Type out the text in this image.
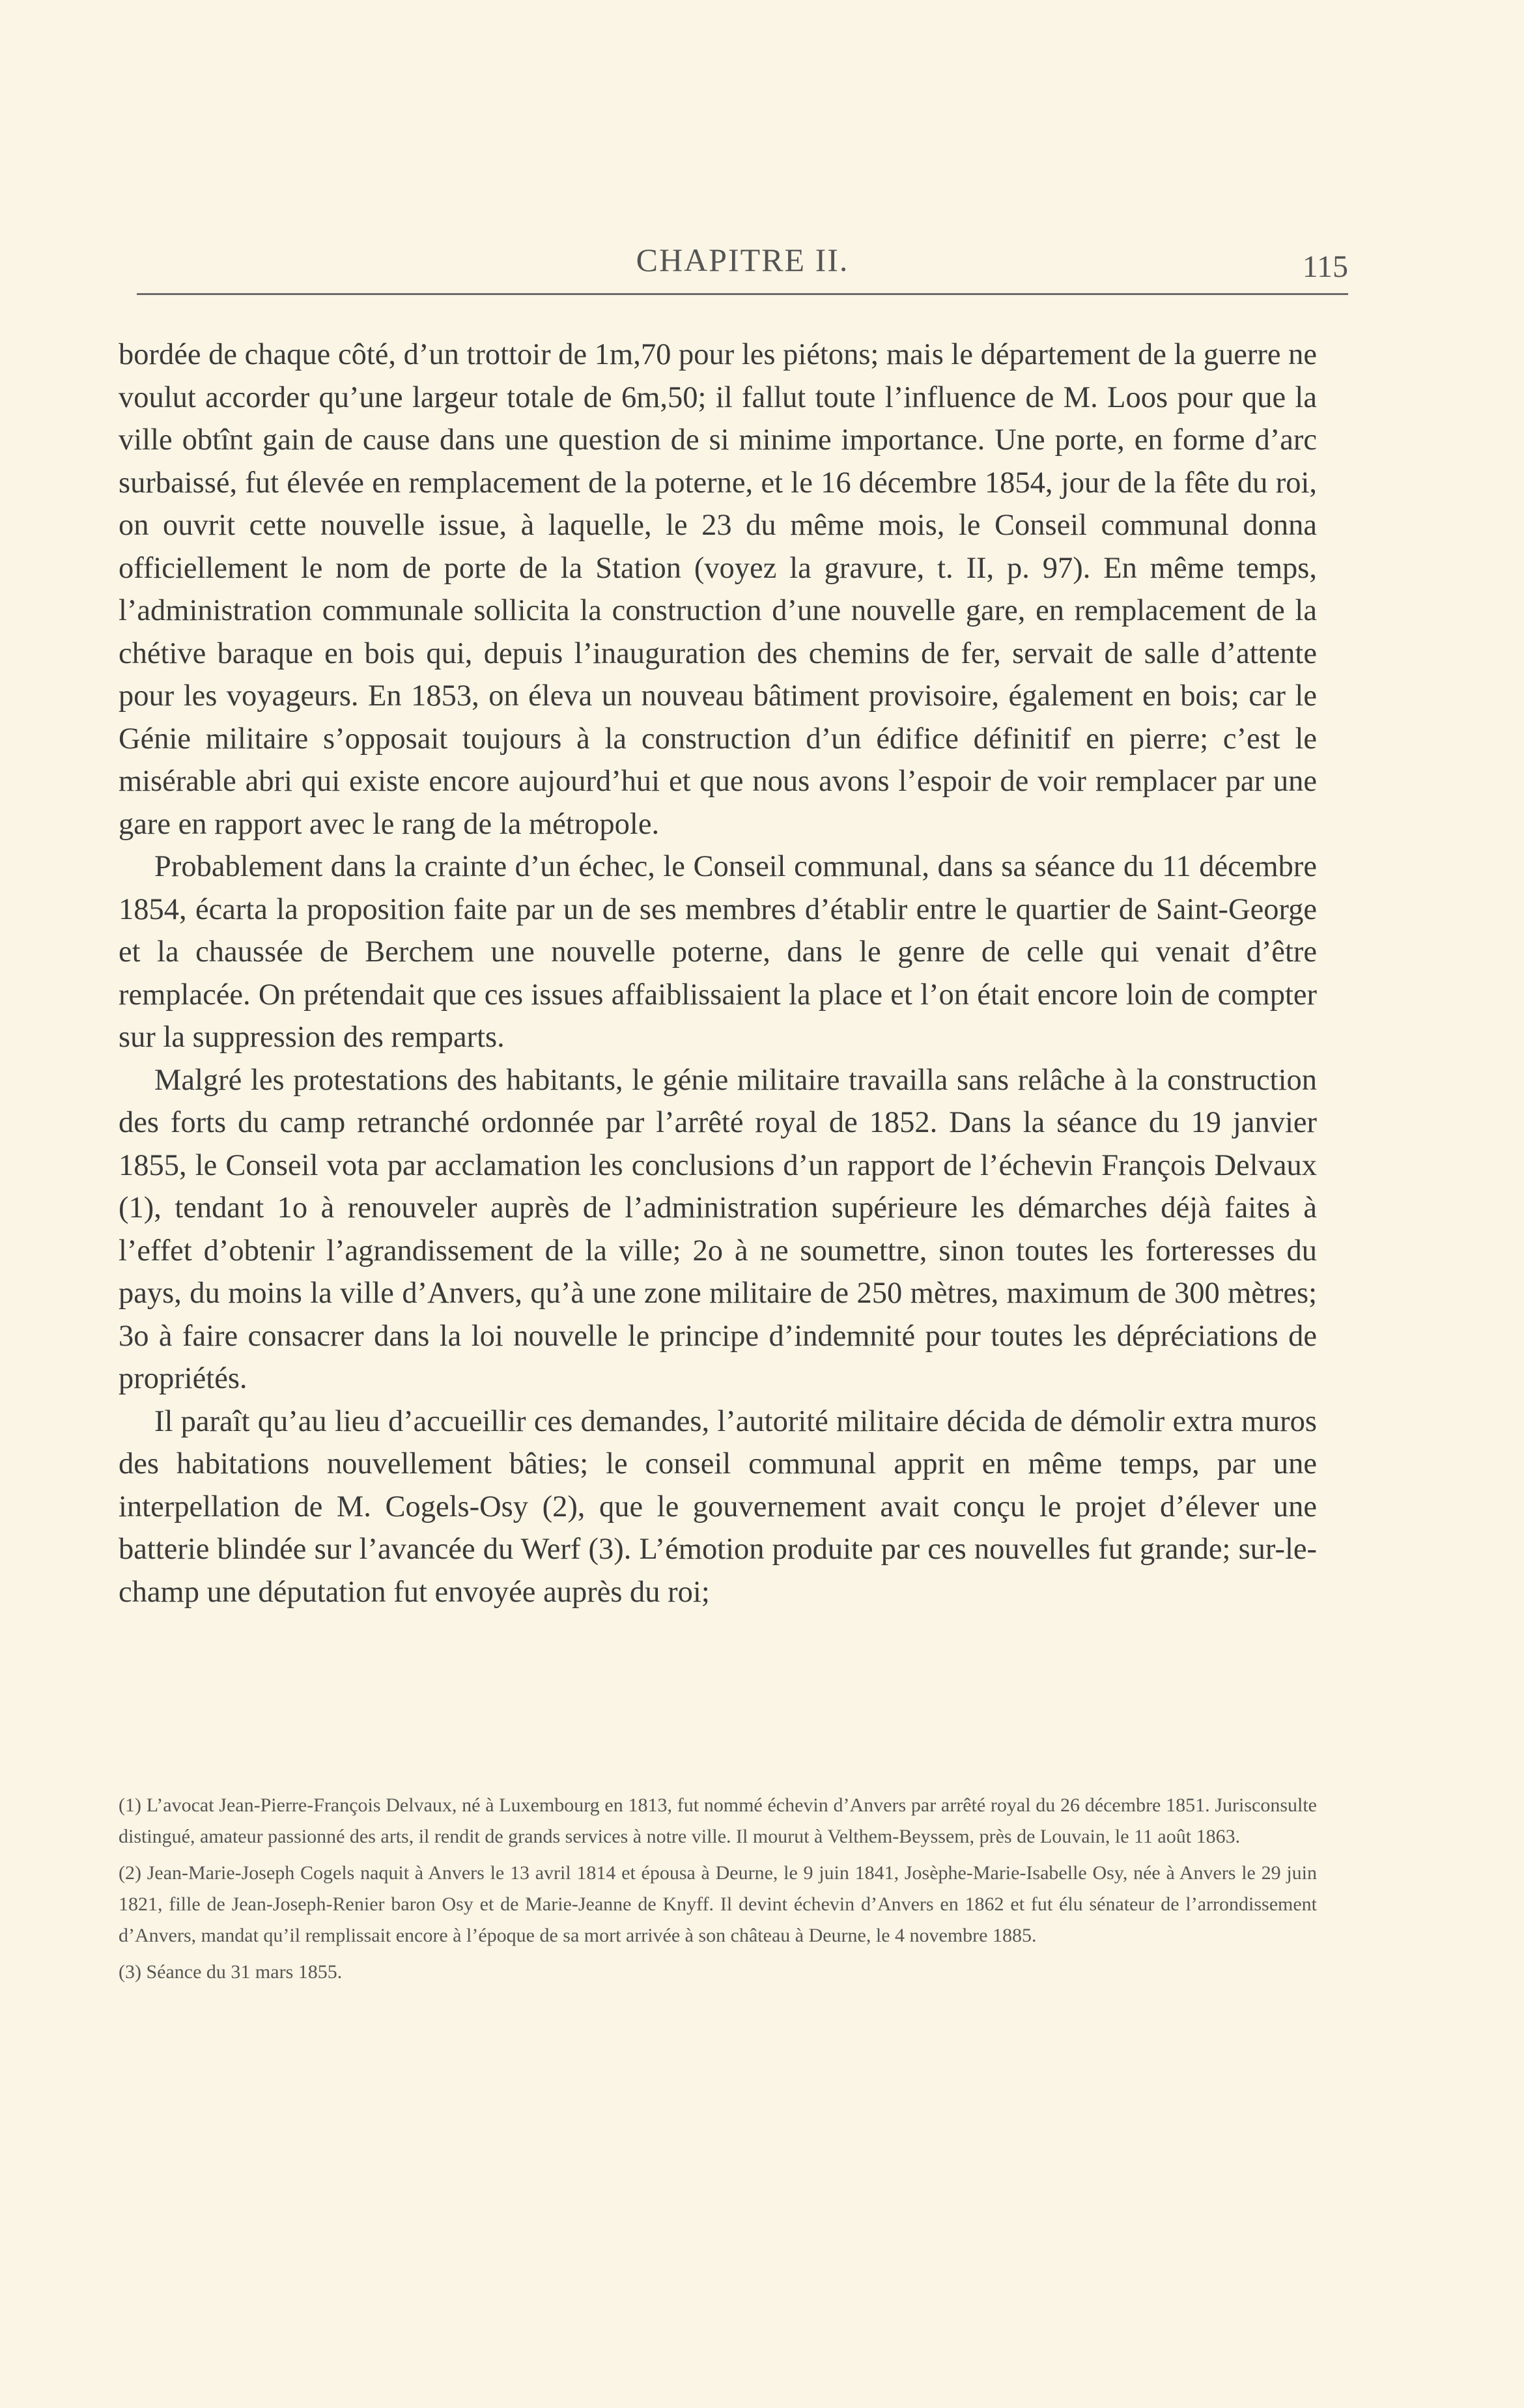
CHAPITRE II.	115

bordée de chaque côté, d’un trottoir de 1m,70 pour les piétons; mais le département de la guerre ne voulut accorder qu’une largeur totale de 6m,50; il fallut toute l’influence de M. Loos pour que la ville obtînt gain de cause dans une question de si minime importance. Une porte, en forme d’arc surbaissé, fut élevée en remplacement de la poterne, et le 16 décembre 1854, jour de la fête du roi, on ouvrit cette nouvelle issue, à laquelle, le 23 du même mois, le Conseil communal donna officiellement le nom de porte de la Station (voyez la gravure, t. II, p. 97). En même temps, l’administration communale sollicita la construction d’une nouvelle gare, en remplacement de la chétive baraque en bois qui, depuis l’inauguration des chemins de fer, servait de salle d’attente pour les voyageurs. En 1853, on éleva un nouveau bâtiment provisoire, également en bois; car le Génie militaire s’opposait toujours à la construction d’un édifice définitif en pierre; c’est le misérable abri qui existe encore aujourd’hui et que nous avons l’espoir de voir remplacer par une gare en rapport avec le rang de la métropole.

Probablement dans la crainte d’un échec, le Conseil communal, dans sa séance du 11 décembre 1854, écarta la proposition faite par un de ses membres d’établir entre le quartier de Saint-George et la chaussée de Berchem une nouvelle poterne, dans le genre de celle qui venait d’être remplacée. On prétendait que ces issues affaiblissaient la place et l’on était encore loin de compter sur la suppression des remparts.

Malgré les protestations des habitants, le génie militaire travailla sans relâche à la construction des forts du camp retranché ordonnée par l’arrêté royal de 1852. Dans la séance du 19 janvier 1855, le Conseil vota par acclamation les conclusions d’un rapport de l’échevin François Delvaux (1), tendant 1o à renouveler auprès de l’administration supérieure les démarches déjà faites à l’effet d’obtenir l’agrandissement de la ville; 2o à ne soumettre, sinon toutes les forteresses du pays, du moins la ville d’Anvers, qu’à une zone militaire de 250 mètres, maximum de 300 mètres; 3o à faire consacrer dans la loi nouvelle le principe d’indemnité pour toutes les dépréciations de propriétés.

Il paraît qu’au lieu d’accueillir ces demandes, l’autorité militaire décida de démolir extra muros des habitations nouvellement bâties; le conseil communal apprit en même temps, par une interpellation de M. Cogels-Osy (2), que le gouvernement avait conçu le projet d’élever une batterie blindée sur l’avancée du Werf (3). L’émotion produite par ces nouvelles fut grande; sur-le-champ une députation fut envoyée auprès du roi;

(1) L’avocat Jean-Pierre-François Delvaux, né à Luxembourg en 1813, fut nommé échevin d’Anvers par arrêté royal du 26 décembre 1851. Jurisconsulte distingué, amateur passionné des arts, il rendit de grands services à notre ville. Il mourut à Velthem-Beyssem, près de Louvain, le 11 août 1863.

(2) Jean-Marie-Joseph Cogels naquit à Anvers le 13 avril 1814 et épousa à Deurne, le 9 juin 1841, Josèphe-Marie-Isabelle Osy, née à Anvers le 29 juin 1821, fille de Jean-Joseph-Renier baron Osy et de Marie-Jeanne de Knyff. Il devint échevin d’Anvers en 1862 et fut élu sénateur de l’arrondissement d’Anvers, mandat qu’il remplissait encore à l’époque de sa mort arrivée à son château à Deurne, le 4 novembre 1885.

(3) Séance du 31 mars 1855.
